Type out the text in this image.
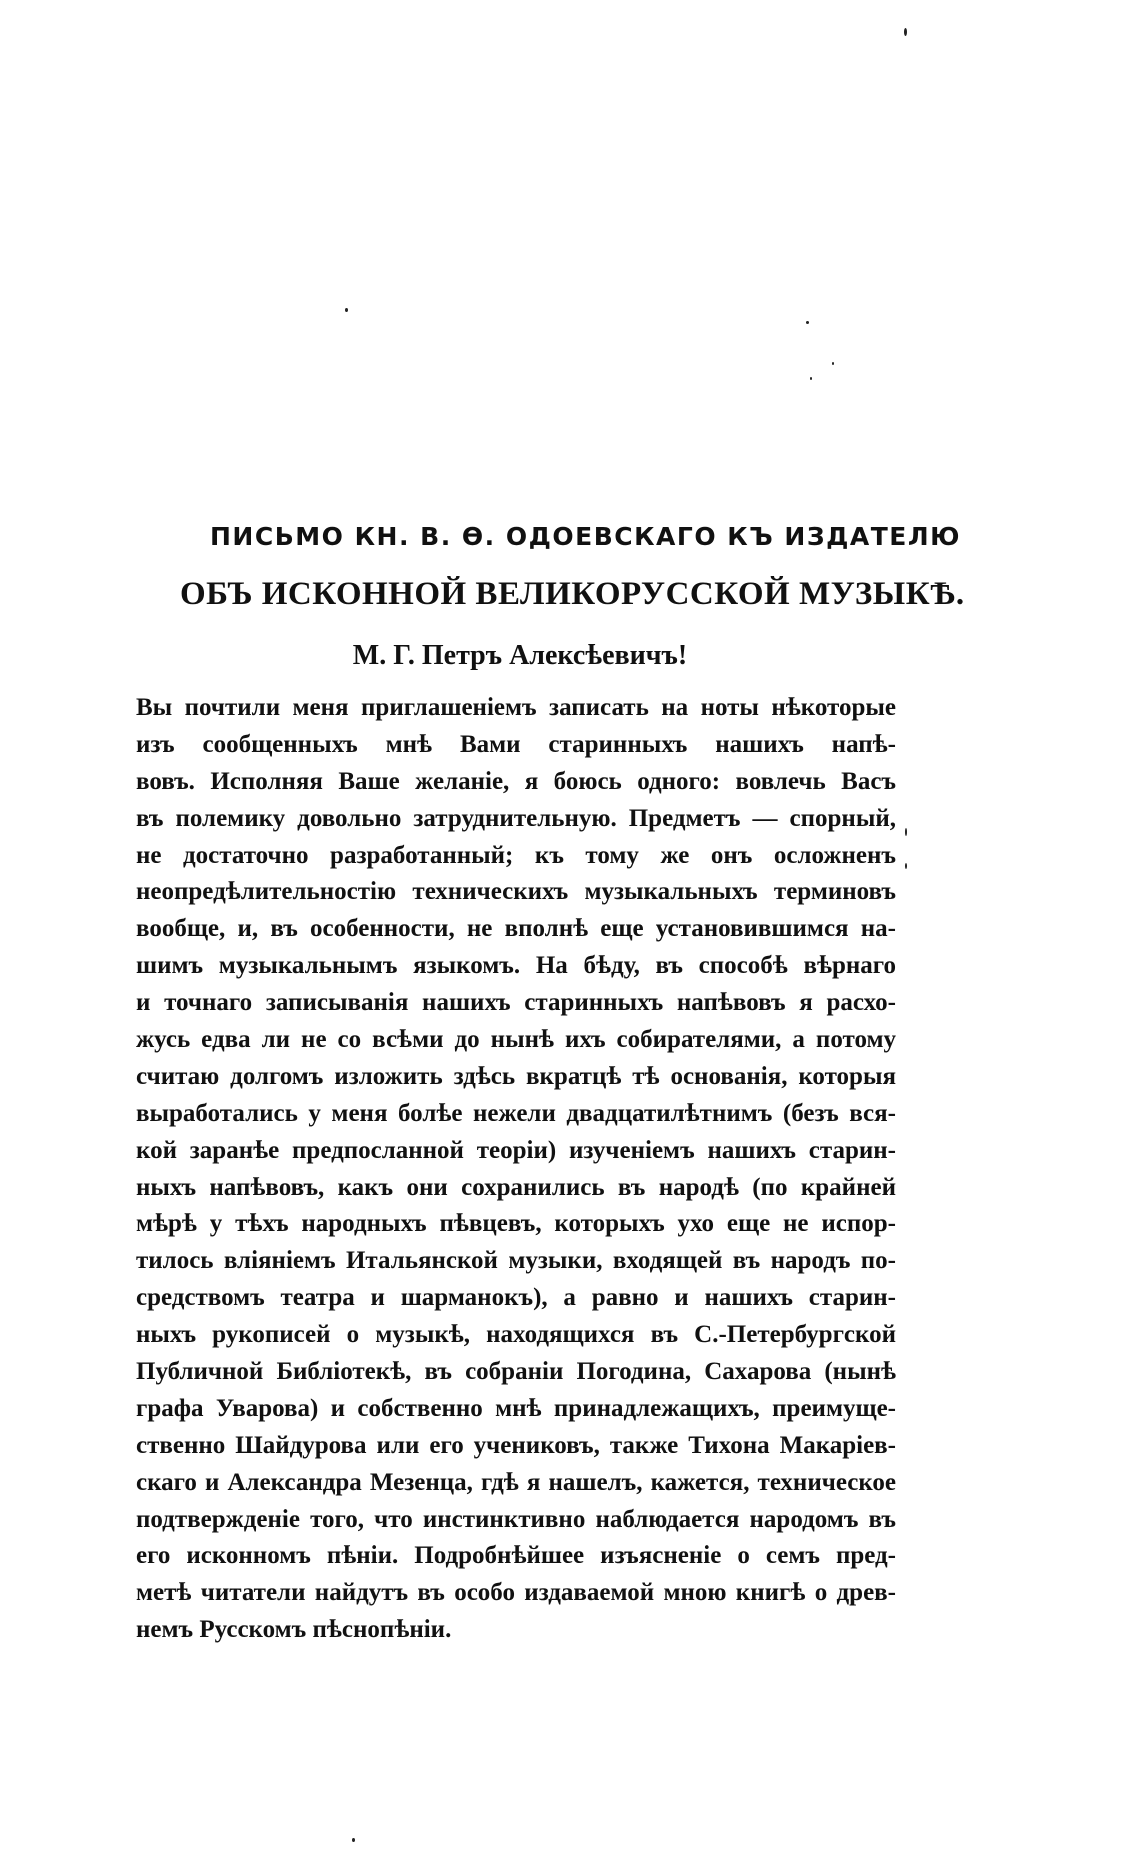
ПИСЬМО КН. В. Ѳ. ОДОЕВСКАГО КЪ ИЗДАТЕЛЮ
ОБЪ ИСКОННОЙ ВЕЛИКОРУССКОЙ МУЗЫКѢ.
М. Г. Петръ Алексѣевичъ!
Вы почтили меня приглашеніемъ записать на ноты нѣкоторые
изъ сообщенныхъ мнѣ Вами старинныхъ нашихъ напѣ-
вовъ. Исполняя Ваше желаніе, я боюсь одного: вовлечь Васъ
въ полемику довольно затруднительную. Предметъ — спорный,
не достаточно разработанный; къ тому же онъ осложненъ
неопредѣлительностію техническихъ музыкальныхъ терминовъ
вообще, и, въ особенности, не вполнѣ еще установившимся на-
шимъ музыкальнымъ языкомъ. На бѣду, въ способѣ вѣрнаго
и точнаго записыванія нашихъ старинныхъ напѣвовъ я расхо-
жусь едва ли не со всѣми до нынѣ ихъ собирателями, а потому
считаю долгомъ изложить здѣсь вкратцѣ тѣ основанія, которыя
выработались у меня болѣе нежели двадцатилѣтнимъ (безъ вся-
кой заранѣе предпосланной теоріи) изученіемъ нашихъ старин-
ныхъ напѣвовъ, какъ они сохранились въ народѣ (по крайней
мѣрѣ у тѣхъ народныхъ пѣвцевъ, которыхъ ухо еще не испор-
тилось вліяніемъ Итальянской музыки, входящей въ народъ по-
средствомъ театра и шарманокъ), а равно и нашихъ старин-
ныхъ рукописей о музыкѣ, находящихся въ С.-Петербургской
Публичной Библіотекѣ, въ собраніи Погодина, Сахарова (нынѣ
графа Уварова) и собственно мнѣ принадлежащихъ, преимуще-
ственно Шайдурова или его учениковъ, также Тихона Макаріев-
скаго и Александра Мезенца, гдѣ я нашелъ, кажется, техническое
подтвержденіе того, что инстинктивно наблюдается народомъ въ
его исконномъ пѣніи. Подробнѣйшее изъясненіе о семъ пред-
метѣ читатели найдутъ въ особо издаваемой мною книгѣ о древ-
немъ Русскомъ пѣснопѣніи.
